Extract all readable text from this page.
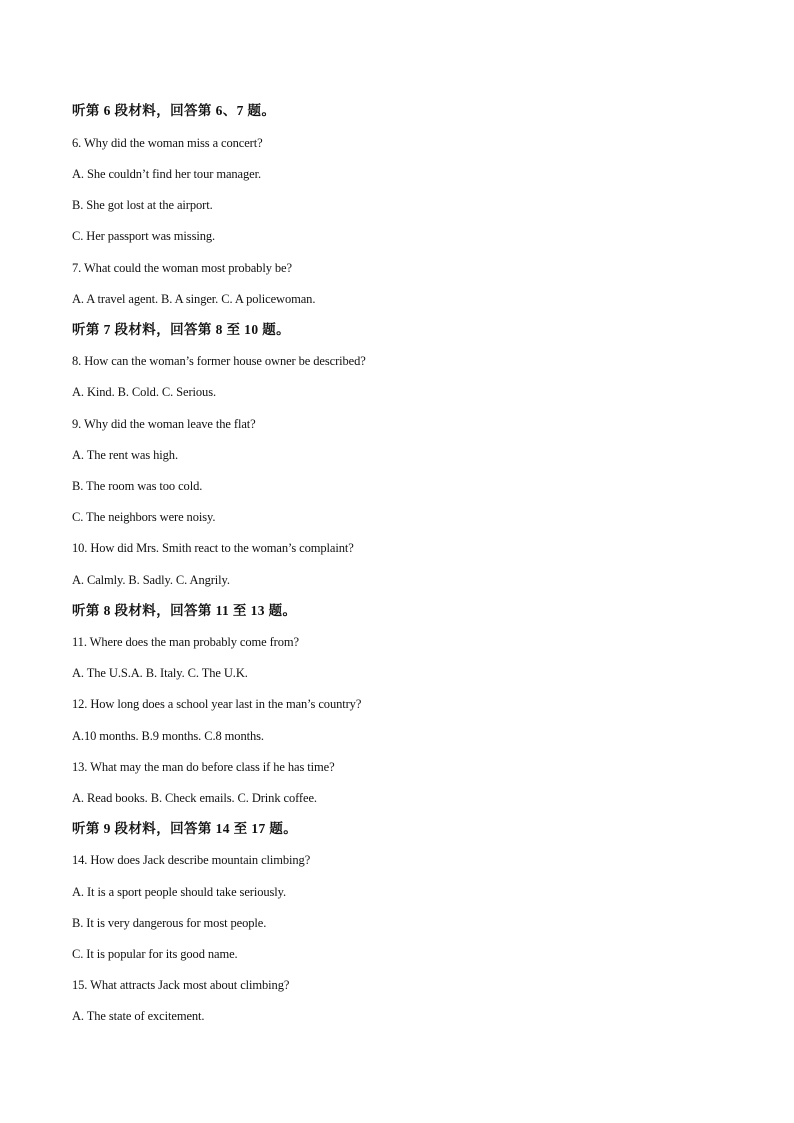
听第 6 段材料，回答第 6、7 题。
6. Why did the woman miss a concert?
A. She couldn’t find her tour manager.
B. She got lost at the airport.
C. Her passport was missing.
7. What could the woman most probably be?
A. A travel agent. B. A singer. C. A policewoman.
听第 7 段材料，回答第 8 至 10 题。
8. How can the woman’s former house owner be described?
A. Kind. B. Cold. C. Serious.
9. Why did the woman leave the flat?
A. The rent was high.
B. The room was too cold.
C. The neighbors were noisy.
10. How did Mrs. Smith react to the woman’s complaint?
A. Calmly. B. Sadly. C. Angrily.
听第 8 段材料，回答第 11 至 13 题。
11. Where does the man probably come from?
A. The U.S.A. B. Italy. C. The U.K.
12. How long does a school year last in the man’s country?
A.10 months. B.9 months. C.8 months.
13. What may the man do before class if he has time?
A. Read books. B. Check emails. C. Drink coffee.
听第 9 段材料，回答第 14 至 17 题。
14. How does Jack describe mountain climbing?
A. It is a sport people should take seriously.
B. It is very dangerous for most people.
C. It is popular for its good name.
15. What attracts Jack most about climbing?
A. The state of excitement.
